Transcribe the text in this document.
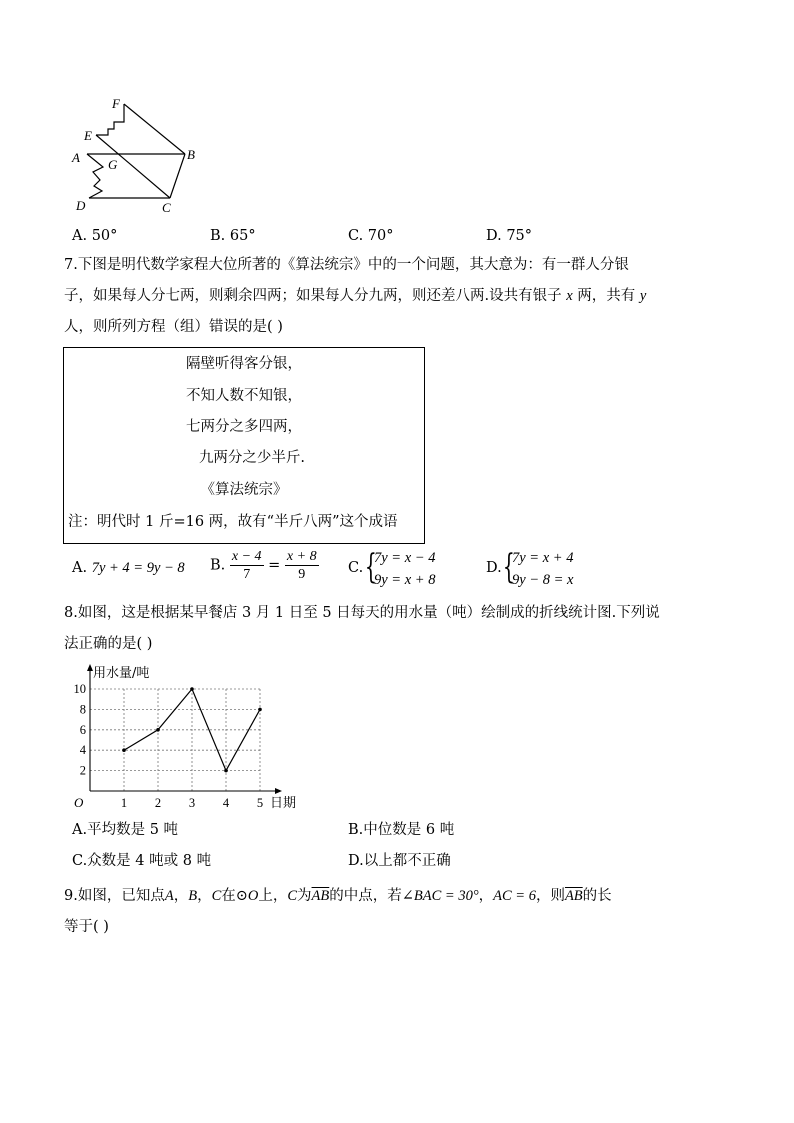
F
E
A G
B
D	C
A. 50°	B. 65°	C. 70°	D. 75°
7.下图是明代数学家程大位所著的《算法统宗》中的一个问题，其大意为：有一群人分银
子，如果每人分七两，则剩余四两；如果每人分九两，则还差八两.设共有银子 x 两，共有 y
人，则所列方程（组）错误的是( )
隔壁听得客分银，
不知人数不知银，
七两分之多四两，
九两分之少半斤.
《算法统宗》
注：明代时 1 斤=16 两，故有“半斤八两”这个成语
A. 7y + 4 = 9y − 8 B. $\frac{x - 4}{7} = \frac{x + 8}{9} C$. {
7y = x − 4
9y = x + 8
D. {
7y = x + 4
9y − 8 = x
8.如图，这是根据某早餐店 3 月 1 日至 5 日每天的用水量（吨）绘制成的折线统计图.下列说
法正确的是( )
用水量/吨
日期
O
2
4
6
8
10
1 2 3 4 5
A.平均数是 5 吨	B.中位数是 6 吨
C.众数是 4 吨或 8 吨	D.以上都不正确
9.如图，已知点A，B，C在⊙O上，C为$\overline{AB}$的中点，若∠BAC = 30°，AC = 6，则$\overline{AB}$的长
等于( )
